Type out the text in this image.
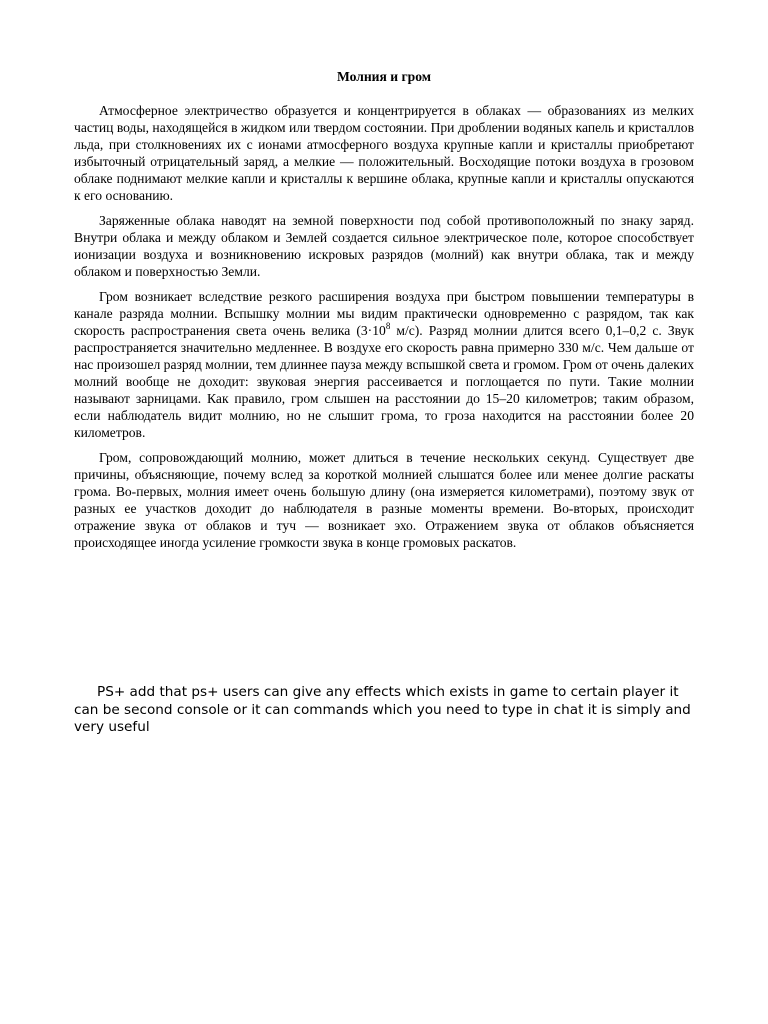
Молния и гром

Атмосферное электричество образуется и концентрируется в облаках — образованиях из мелких частиц воды, находящейся в жидком или твердом состоянии. При дроблении водяных капель и кристаллов льда, при столкновениях их с ионами атмосферного воздуха крупные капли и кристаллы приобретают избыточный отрицательный заряд, а мелкие — положительный. Восходящие потоки воздуха в грозовом облаке поднимают мелкие капли и кристаллы к вершине облака, крупные капли и кристаллы опускаются к его основанию.

Заряженные облака наводят на земной поверхности под собой противоположный по знаку заряд. Внутри облака и между облаком и Землей создается сильное электрическое поле, которое способствует ионизации воздуха и возникновению искровых разрядов (молний) как внутри облака, так и между облаком и поверхностью Земли.

Гром возникает вследствие резкого расширения воздуха при быстром повышении температуры в канале разряда молнии. Вспышку молнии мы видим практически одновременно с разрядом, так как скорость распространения света очень велика ($3\cdot 10^8$ м/с). Разряд молнии длится всего 0,1–0,2 с. Звук распространяется значительно медленнее. В воздухе его скорость равна примерно 330 м/с. Чем дальше от нас произошел разряд молнии, тем длиннее пауза между вспышкой света и громом. Гром от очень далеких молний вообще не доходит: звуковая энергия рассеивается и поглощается по пути. Такие молнии называют зарницами. Как правило, гром слышен на расстоянии до 15–20 километров; таким образом, если наблюдатель видит молнию, но не слышит грома, то гроза находится на расстоянии более 20 километров.

Гром, сопровождающий молнию, может длиться в течение нескольких секунд. Существует две причины, объясняющие, почему вслед за короткой молнией слышатся более или менее долгие раскаты грома. Во-первых, молния имеет очень большую длину (она измеряется километрами), поэтому звук от разных ее участков доходит до наблюдателя в разные моменты времени. Во-вторых, происходит отражение звука от облаков и туч — возникает эхо. Отражением звука от облаков объясняется происходящее иногда усиление громкости звука в конце громовых раскатов.

PS+ add that ps+ users can give any effects which exists in game to certain player it can be second console or it can commands which you need to type in chat it is simply and very useful
